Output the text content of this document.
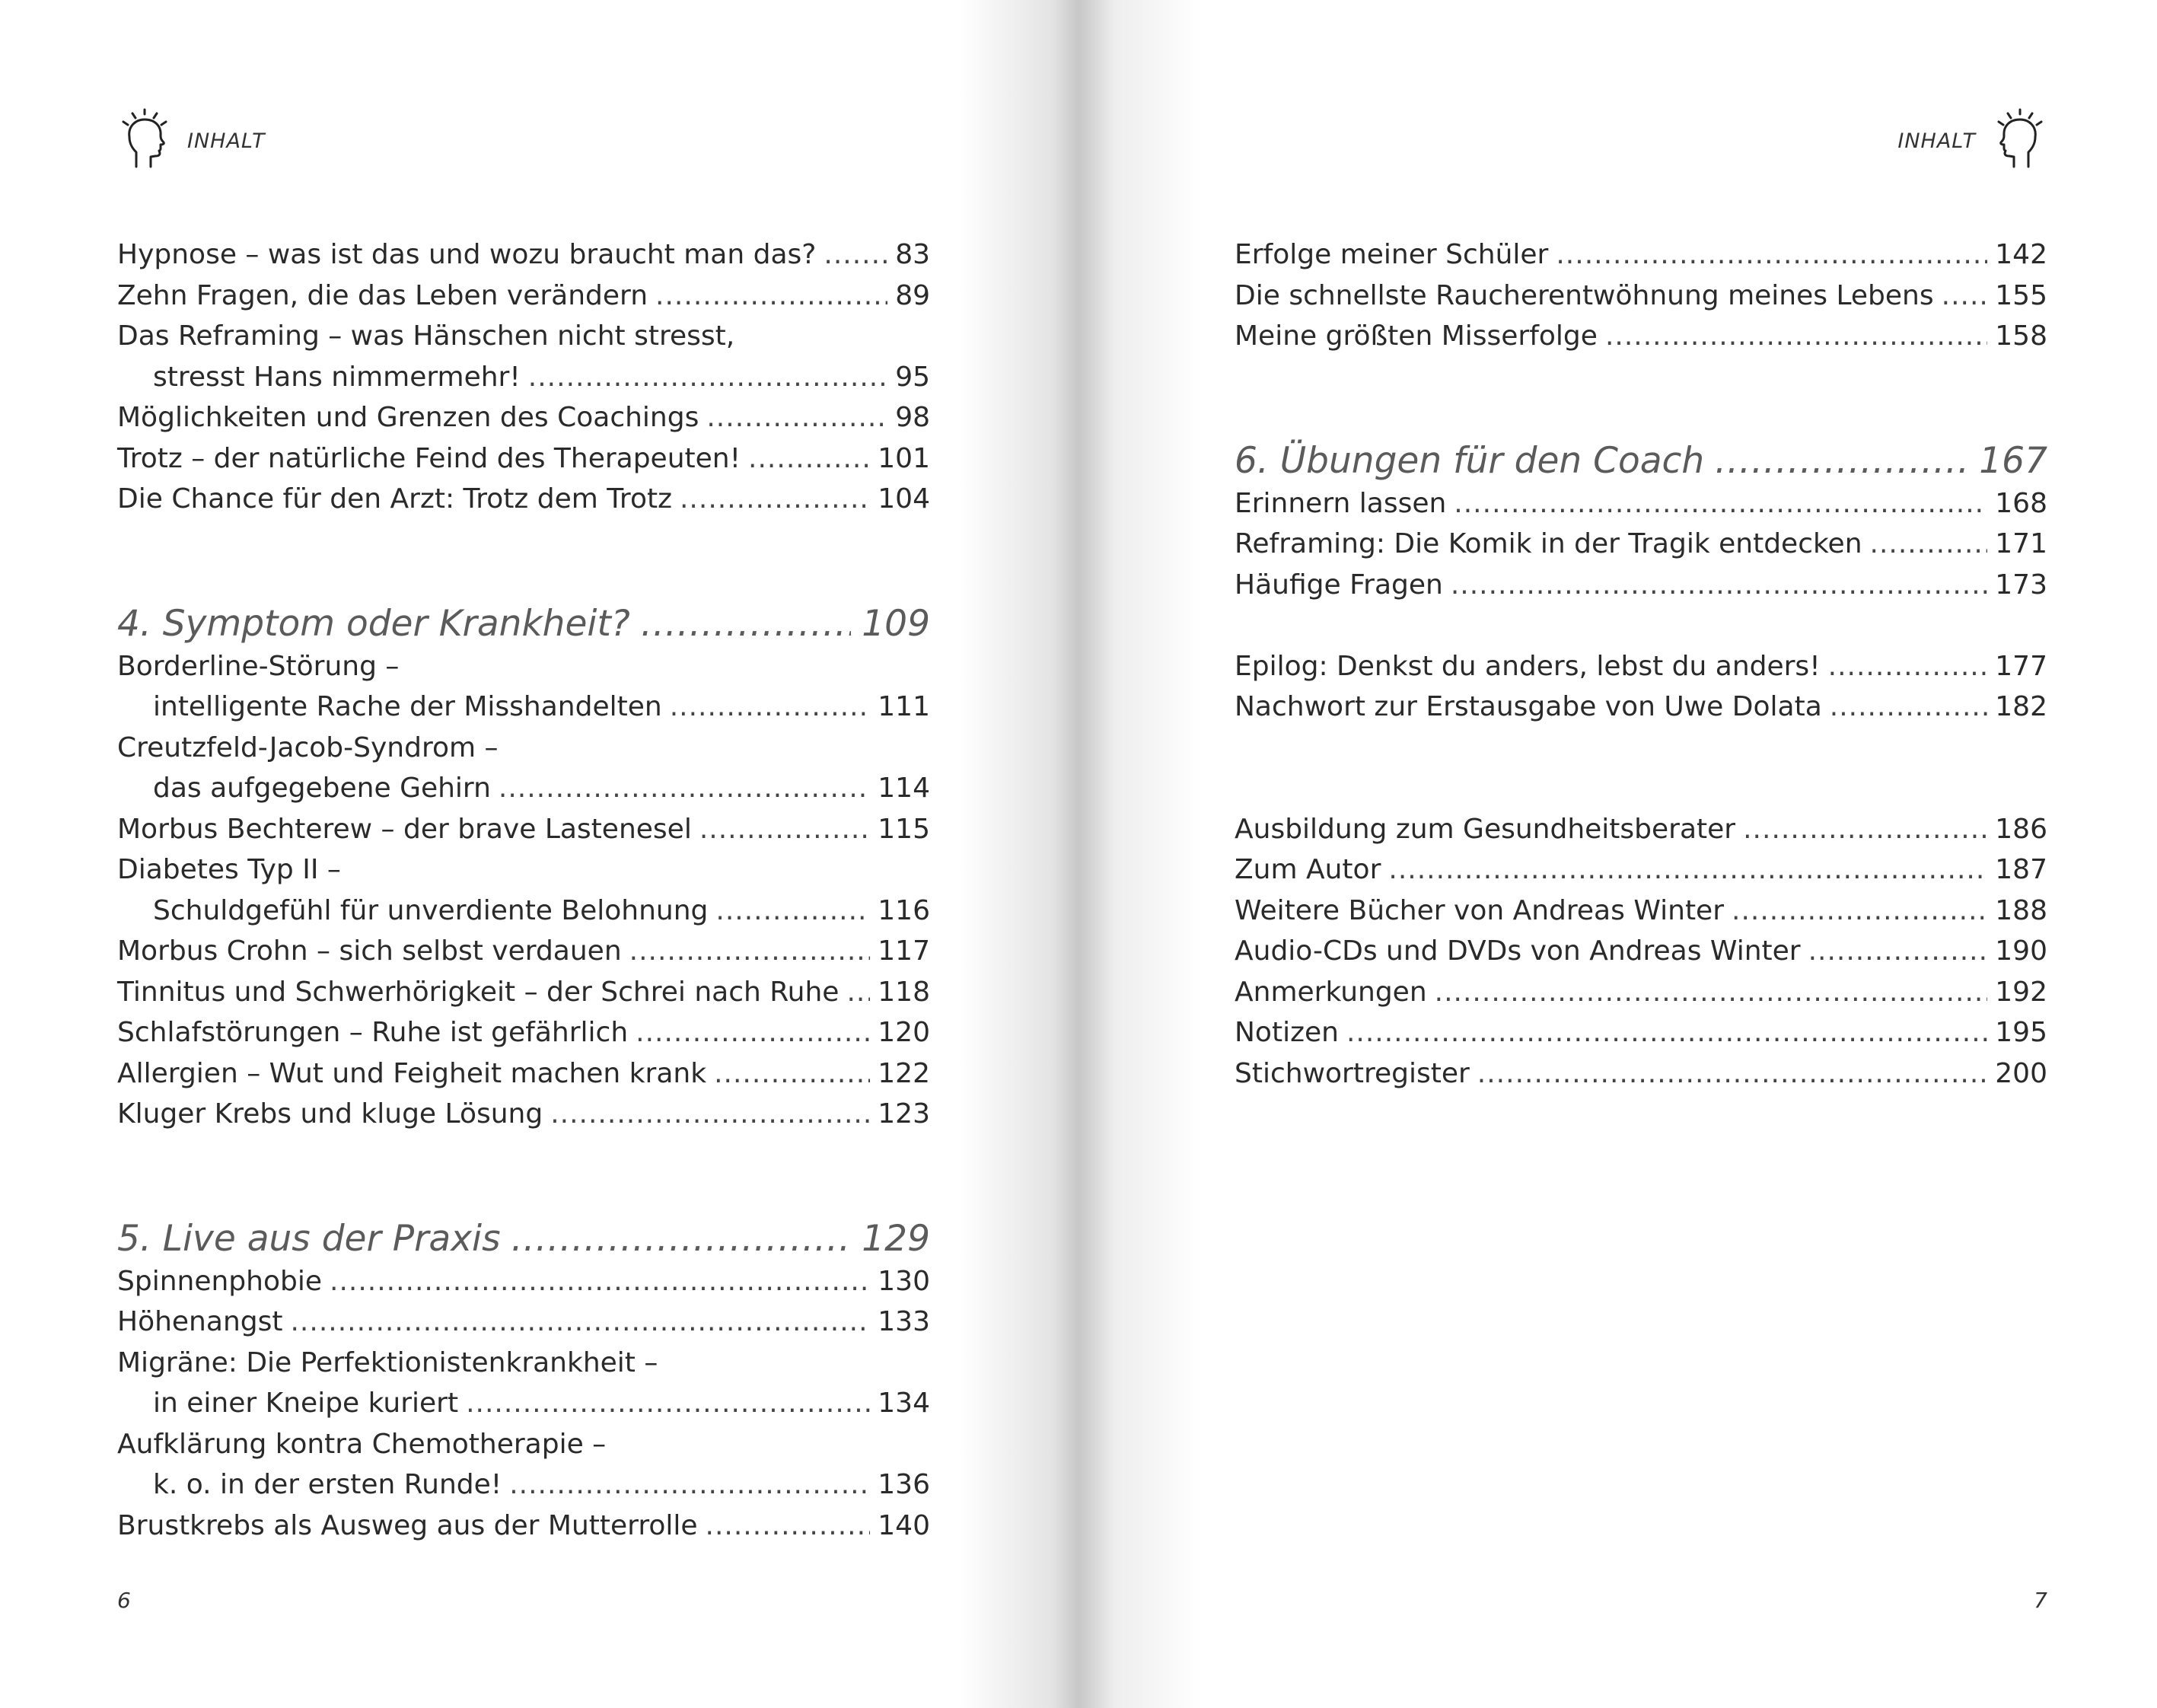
INHALT
Hypnose – was ist das und wozu braucht man das? .....	83
Zehn Fragen, die das Leben verändern .....	89
Das Reframing – was Hänschen nicht stresst,
stresst Hans nimmermehr! .....	95
Möglichkeiten und Grenzen des Coachings .....	98
Trotz – der natürliche Feind des Therapeuten! .....	101
Die Chance für den Arzt: Trotz dem Trotz .....	104
4. Symptom oder Krankheit? .....	109
Borderline-Störung –
intelligente Rache der Misshandelten .....	111
Creutzfeld-Jacob-Syndrom –
das aufgegebene Gehirn .....	114
Morbus Bechterew – der brave Lastenesel .....	115
Diabetes Typ II –
Schuldgefühl für unverdiente Belohnung .....	116
Morbus Crohn – sich selbst verdauen .....	117
Tinnitus und Schwerhörigkeit – der Schrei nach Ruhe ..... 118
Schlafstörungen – Ruhe ist gefährlich .....	120
Allergien – Wut und Feigheit machen krank .....	122
Kluger Krebs und kluge Lösung .....	123
5. Live aus der Praxis .....	129
Spinnenphobie .....	130
Höhenangst .....	133
Migräne: Die Perfektionistenkrankheit –
in einer Kneipe kuriert .....	134
Aufklärung kontra Chemotherapie –
k. o. in der ersten Runde! .....	136
Brustkrebs als Ausweg aus der Mutterrolle .....	140
6
INHALT
Erfolge meiner Schüler .....	142
Die schnellste Raucherentwöhnung meines Lebens ..... 155
Meine größten Misserfolge .....	158
6. Übungen für den Coach .....	167
Erinnern lassen .....	168
Reframing: Die Komik in der Tragik entdecken .....	171
Häufige Fragen .....	173
Epilog: Denkst du anders, lebst du anders! .....	177
Nachwort zur Erstausgabe von Uwe Dolata .....	182
Ausbildung zum Gesundheitsberater .....	186
Zum Autor .....	187
Weitere Bücher von Andreas Winter .....	188
Audio-CDs und DVDs von Andreas Winter .....	190
Anmerkungen .....	192
Notizen .....	195
Stichwortregister .....	200
7
